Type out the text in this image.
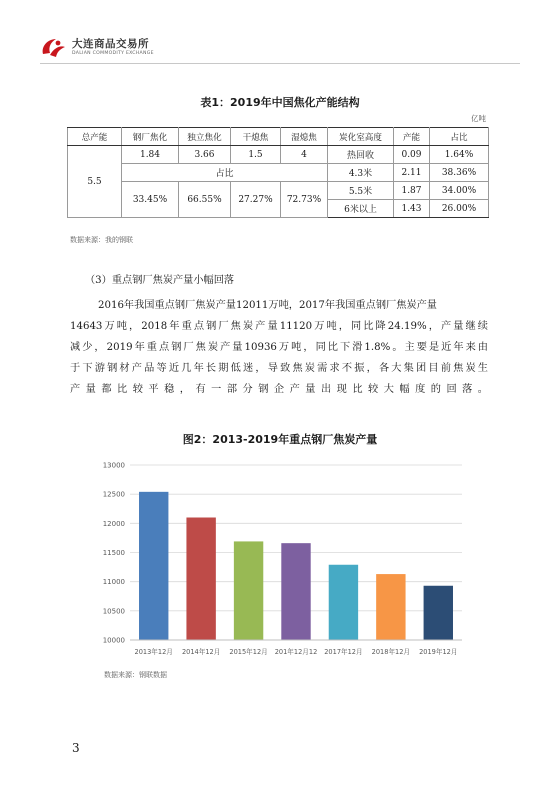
大连商品交易所
DALIAN COMMODITY EXCHANGE
表1：2019年中国焦化产能结构
亿吨
总产能	钢厂焦化	独立焦化	干熄焦	湿熄焦	炭化室高度	产能	占比
5.5	1.84	3.66	1.5	4	热回收	0.09	1.64%
	占比				4.3米	2.11	38.36%
	33.45%	66.55%	27.27%	72.73%	5.5米	1.87	34.00%
					6米以上	1.43	26.00%
数据来源：我的钢联
（3）重点钢厂焦炭产量小幅回落
2016年我国重点钢厂焦炭产量12011万吨，2017年我国重点钢厂焦炭产量
14643万吨，2018年重点钢厂焦炭产量11120万吨，同比降24.19%，产量继续
减少，2019年重点钢厂焦炭产量10936万吨，同比下滑1.8%。主要是近年来由
于下游钢材产品等近几年长期低迷，导致焦炭需求不振，各大集团目前焦炭生
产量都比较平稳，有一部分钢企产量出现比较大幅度的回落。
图2：2013-2019年重点钢厂焦炭产量
13000
12500
12000
11500
11000
10500
10000
2013年12月 2014年12月 2015年12月 201年12月12 2017年12月 2018年12月 2019年12月
数据来源：钢联数据
3
